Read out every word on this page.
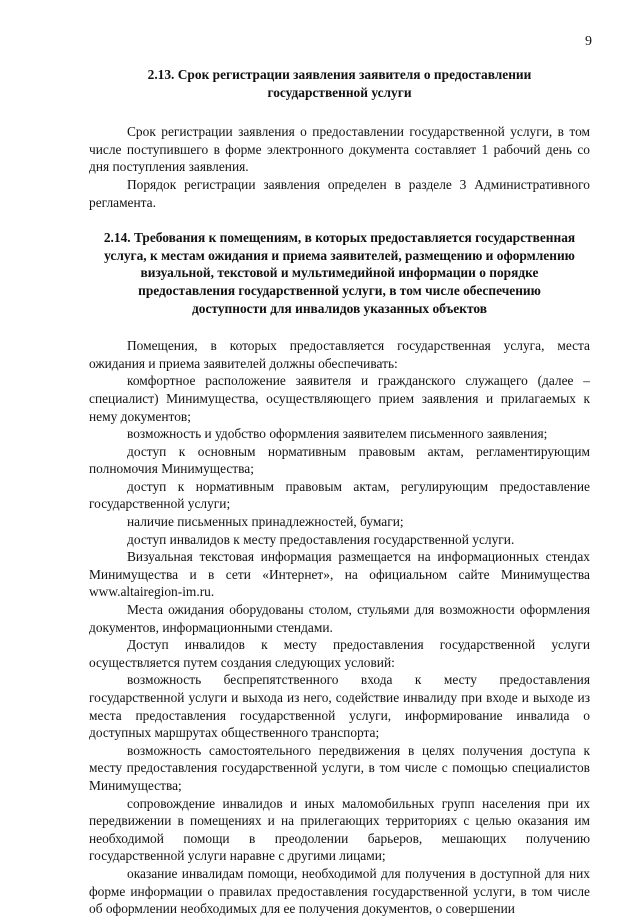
9
2.13. Срок регистрации заявления заявителя о предоставлении
государственной услуги

Срок регистрации заявления о предоставлении государственной услуги, в том числе поступившего в форме электронного документа составляет 1 рабочий день со дня поступления заявления.

Порядок регистрации заявления определен в разделе 3 Административного регламента.

2.14. Требования к помещениям, в которых предоставляется государственная
услуга, к местам ожидания и приема заявителей, размещению и оформлению
визуальной, текстовой и мультимедийной информации о порядке
предоставления государственной услуги, в том числе обеспечению
доступности для инвалидов указанных объектов

Помещения, в которых предоставляется государственная услуга, места ожидания и приема заявителей должны обеспечивать:

комфортное расположение заявителя и гражданского служащего (далее – специалист) Минимущества, осуществляющего прием заявления и прилагаемых к нему документов;

возможность и удобство оформления заявителем письменного заявления;

доступ к основным нормативным правовым актам, регламентирующим полномочия Минимущества;

доступ к нормативным правовым актам, регулирующим предоставление государственной услуги;

наличие письменных принадлежностей, бумаги;

доступ инвалидов к месту предоставления государственной услуги.

Визуальная текстовая информация размещается на информационных стендах Минимущества и в сети «Интернет», на официальном сайте Минимущества www.altairegion-im.ru.

Места ожидания оборудованы столом, стульями для возможности оформления документов, информационными стендами.

Доступ инвалидов к месту предоставления государственной услуги осуществляется путем создания следующих условий:

возможность беспрепятственного входа к месту предоставления государственной услуги и выхода из него, содействие инвалиду при входе и выходе из места предоставления государственной услуги, информирование инвалида о доступных маршрутах общественного транспорта;

возможность самостоятельного передвижения в целях получения доступа к месту предоставления государственной услуги, в том числе с помощью специалистов Минимущества;

сопровождение инвалидов и иных маломобильных групп населения при их передвижении в помещениях и на прилегающих территориях с целью оказания им необходимой помощи в преодолении барьеров, мешающих получению государственной услуги наравне с другими лицами;

оказание инвалидам помощи, необходимой для получения в доступной для них форме информации о правилах предоставления государственной услуги, в том числе об оформлении необходимых для ее получения документов, о совершении
